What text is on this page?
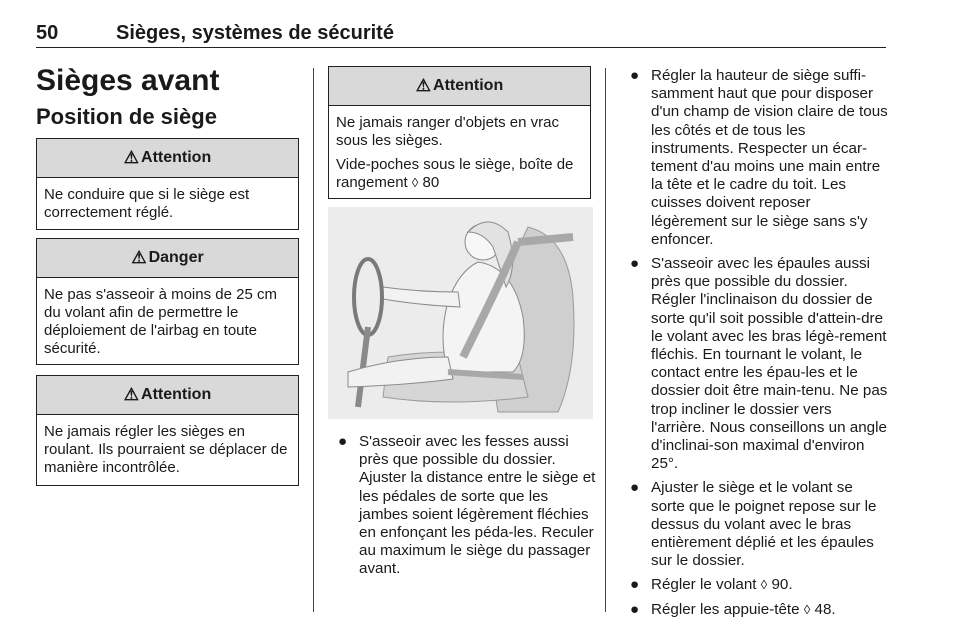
50	Sièges, systèmes de sécurité
Sièges avant
Position de siège
⚠ Attention

Ne conduire que si le siège est correctement réglé.

⚠ Danger

Ne pas s'asseoir à moins de 25 cm du volant afin de permettre le déploiement de l'airbag en toute sécurité.

⚠ Attention

Ne jamais régler les sièges en roulant. Ils pourraient se déplacer de manière incontrôlée.

⚠ Attention

Ne jamais ranger d'objets en vrac sous les sièges.

Vide-poches sous le siège, boîte de rangement ◊ 80

● S'asseoir avec les fesses aussi près que possible du dossier. Ajuster la distance entre le siège et les pédales de sorte que les jambes soient légèrement fléchies en enfonçant les péda-les. Reculer au maximum le siège du passager avant.
● Régler la hauteur de siège suffi-samment haut que pour disposer d'un champ de vision claire de tous les côtés et de tous les instruments. Respecter un écar-tement d'au moins une main entre la tête et le cadre du toit. Les cuisses doivent reposer légèrement sur le siège sans s'y enfoncer.
● S'asseoir avec les épaules aussi près que possible du dossier. Régler l'inclinaison du dossier de sorte qu'il soit possible d'attein-dre le volant avec les bras légè-rement fléchis. En tournant le volant, le contact entre les épau-les et le dossier doit être main-tenu. Ne pas trop incliner le dossier vers l'arrière. Nous conseillons un angle d'inclinai-son maximal d'environ 25°.
● Ajuster le siège et le volant se sorte que le poignet repose sur le dessus du volant avec le bras entièrement déplié et les épaules sur le dossier.
● Régler le volant ◊ 90.
● Régler les appuie-tête ◊ 48.
